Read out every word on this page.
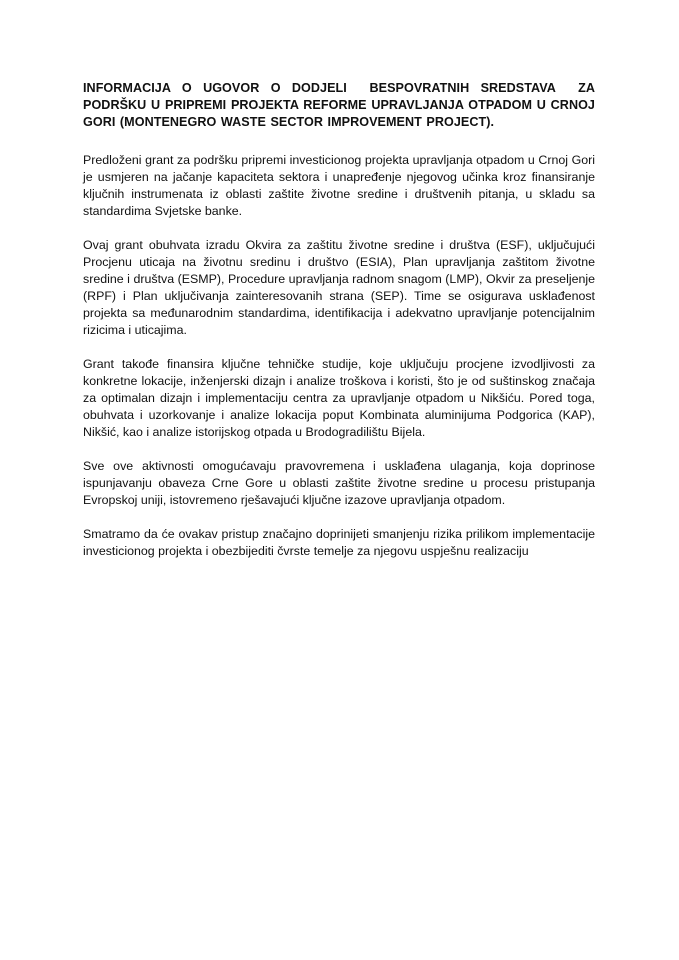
INFORMACIJA O UGOVOR O DODJELI  BESPOVRATNIH SREDSTAVA  ZA PODRŠKU U PRIPREMI PROJEKTA REFORME UPRAVLJANJA OTPADOM U CRNOJ GORI (MONTENEGRO WASTE SECTOR IMPROVEMENT PROJECT).

Predloženi grant za podršku pripremi investicionog projekta upravljanja otpadom u Crnoj Gori je usmjeren na jačanje kapaciteta sektora i unapređenje njegovog učinka kroz finansiranje ključnih instrumenata iz oblasti zaštite životne sredine i društvenih pitanja, u skladu sa standardima Svjetske banke.

Ovaj grant obuhvata izradu Okvira za zaštitu životne sredine i društva (ESF), uključujući Procjenu uticaja na životnu sredinu i društvo (ESIA), Plan upravljanja zaštitom životne sredine i društva (ESMP), Procedure upravljanja radnom snagom (LMP), Okvir za preseljenje (RPF) i Plan uključivanja zainteresovanih strana (SEP). Time se osigurava usklađenost projekta sa međunarodnim standardima, identifikacija i adekvatno upravljanje potencijalnim rizicima i uticajima.

Grant takođe finansira ključne tehničke studije, koje uključuju procjene izvodljivosti za konkretne lokacije, inženjerski dizajn i analize troškova i koristi, što je od suštinskog značaja za optimalan dizajn i implementaciju centra za upravljanje otpadom u Nikšiću. Pored toga, obuhvata i uzorkovanje i analize lokacija poput Kombinata aluminijuma Podgorica (KAP), Nikšić, kao i analize istorijskog otpada u Brodogradilištu Bijela.

Sve ove aktivnosti omogućavaju pravovremena i usklađena ulaganja, koja doprinose ispunjavanju obaveza Crne Gore u oblasti zaštite životne sredine u procesu pristupanja Evropskoj uniji, istovremeno rješavajući ključne izazove upravljanja otpadom.

Smatramo da će ovakav pristup značajno doprinijeti smanjenju rizika prilikom implementacije investicionog projekta i obezbijediti čvrste temelje za njegovu uspješnu realizaciju
